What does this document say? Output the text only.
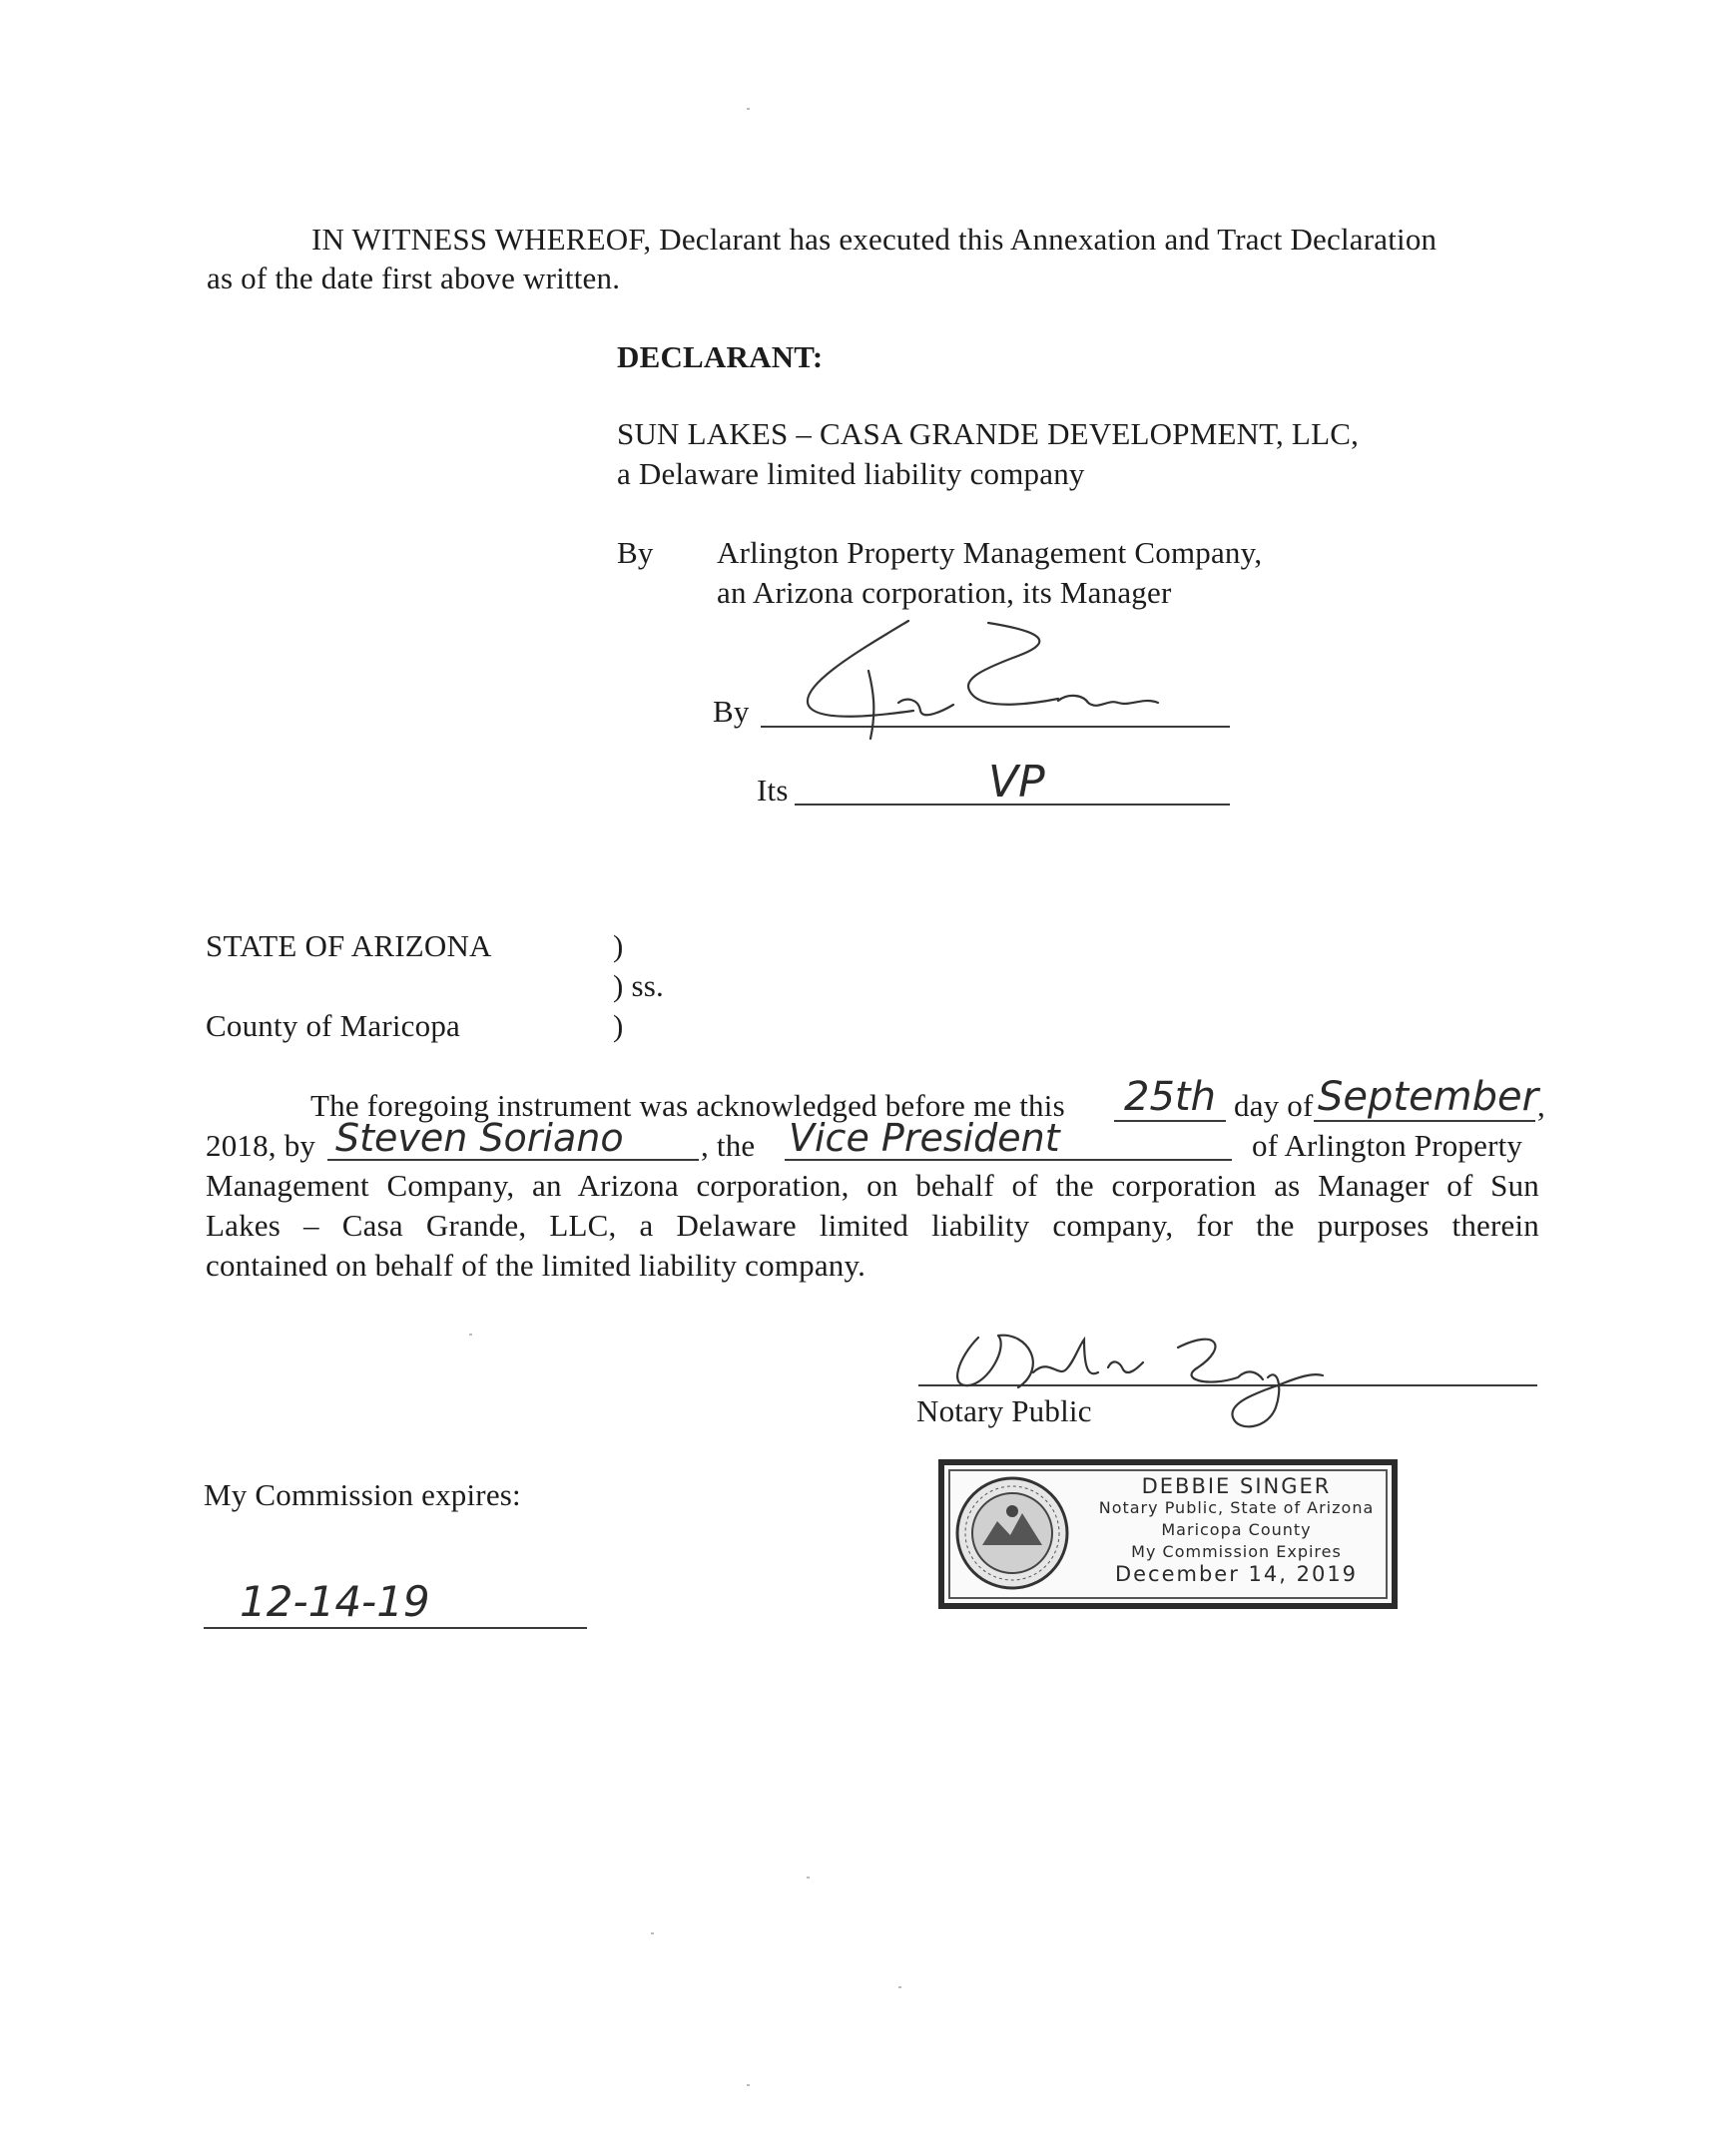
IN WITNESS WHEREOF, Declarant has executed this Annexation and Tract Declaration
as of the date first above written.
DECLARANT:
SUN LAKES – CASA GRANDE DEVELOPMENT, LLC,
a Delaware limited liability company
By Arlington Property Management Company,
an Arizona corporation, its Manager
By
Its	VP
STATE OF ARIZONA	)
) ss.
County of Maricopa	)
The foregoing instrument was acknowledged before me this 25th day of September
,
2018, by Steven Soriano , the Vice President	of Arlington Property
Management Company, an Arizona corporation, on behalf of the corporation as Manager of Sun
Lakes – Casa Grande, LLC, a Delaware limited liability company, for the purposes therein
contained on behalf of the limited liability company.
Notary Public
DEBBIE SINGER
Notary Public, State of Arizona
Maricopa County
My Commission Expires
December 14, 2019
My Commission expires:
12-14-19
